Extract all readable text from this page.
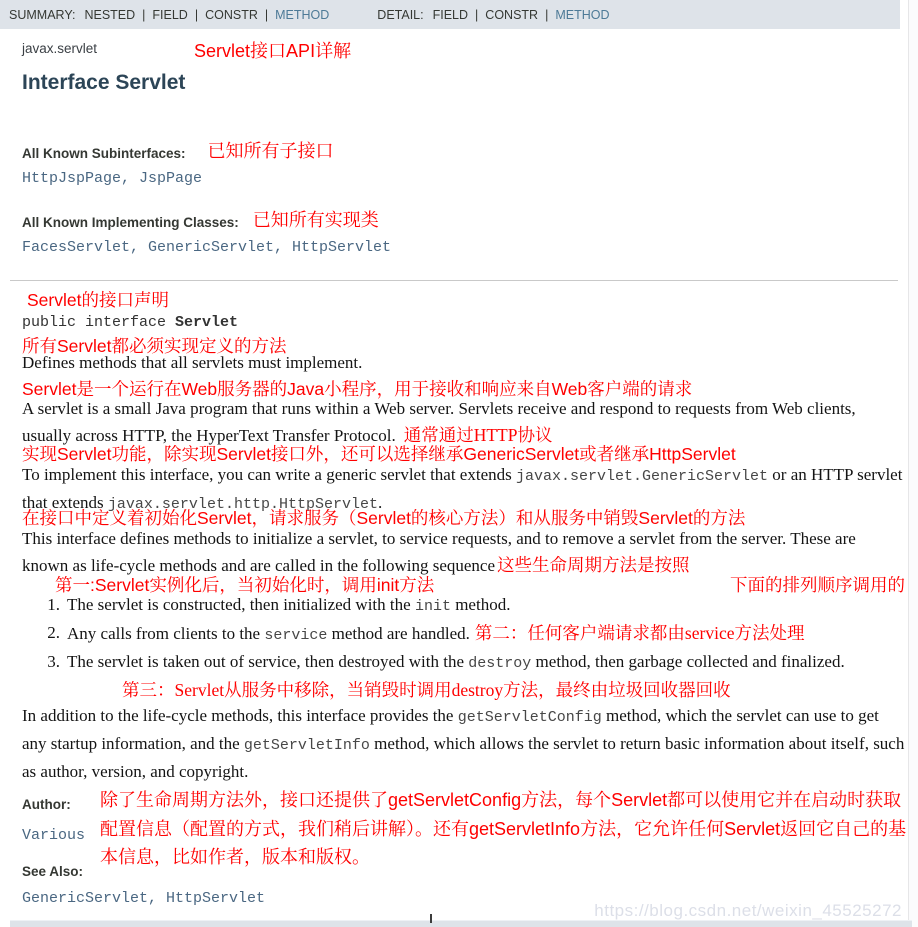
SUMMARY: NESTED | FIELD | CONSTR | METHOD	DETAIL: FIELD | CONSTR | METHOD
javax.servlet	Servlet接口API详解
Interface Servlet
All Known Subinterfaces: 已知所有子接口
HttpJspPage, JspPage
All Known Implementing Classes: 已知所有实现类
FacesServlet, GenericServlet, HttpServlet
Servlet的接口声明
public interface Servlet
所有Servlet都必须实现定义的方法
Defines methods that all servlets must implement.
Servlet是一个运行在Web服务器的Java小程序，用于接收和响应来自Web客户端的请求
A servlet is a small Java program that runs within a Web server. Servlets receive and respond to requests from Web clients, usually across HTTP, the HyperText Transfer Protocol. 通常通过HTTP协议
实现Servlet功能，除实现Servlet接口外，还可以选择继承GenericServlet或者继承HttpServlet
To implement this interface, you can write a generic servlet that extends javax.servlet.GenericServlet or an HTTP servlet that extends javax.servlet.http.HttpServlet.
在接口中定义着初始化Servlet，请求服务（Servlet的核心方法）和从服务中销毁Servlet的方法
This interface defines methods to initialize a servlet, to service requests, and to remove a servlet from the server. These are known as life-cycle methods and are called in the following sequence 这些生命周期方法是按照
第一:Servlet实例化后，当初始化时，调用init方法	下面的排列顺序调用的
1. The servlet is constructed, then initialized with the init method.
2. Any calls from clients to the service method are handled. 第二：任何客户端请求都由service方法处理
3. The servlet is taken out of service, then destroyed with the destroy method, then garbage collected and finalized.第三：Servlet从服务中移除，当销毁时调用destroy方法，最终由垃圾回收器回收
In addition to the life-cycle methods, this interface provides the getServletConfig method, which the servlet can use to get any startup information, and the getServletInfo method, which allows the servlet to return basic information about itself, such as author, version, and copyright.
Author:
Various
除了生命周期方法外，接口还提供了getServletConfig方法，每个Servlet都可以使用它并在启动时获取配置信息（配置的方式，我们稍后讲解）。还有getServletInfo方法，它允许任何Servlet返回它自己的基本信息，比如作者，版本和版权。
See Also:
GenericServlet, HttpServlet
https://blog.csdn.net/weixin_45525272
